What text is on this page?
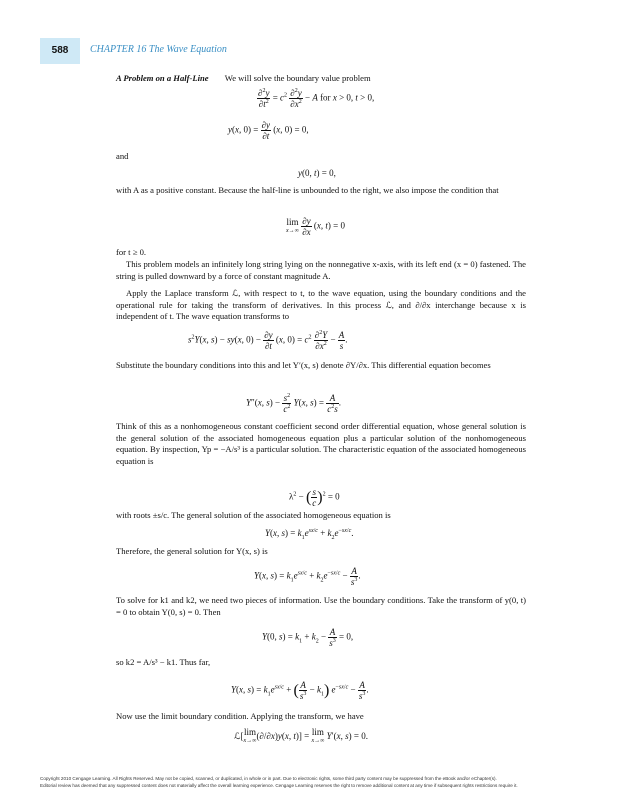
588	CHAPTER 16 The Wave Equation
A Problem on a Half-Line We will solve the boundary value problem
$\frac{\partial^2y}{\partial t^2} = c^2 \frac{\partial^2y}{\partial x^2} - A$ for x > 0, t > 0,
y(x, $0) = \frac{\partial y}{\partial t} (x$, 0) = 0,
and
y(0, t) = 0,
with A as a positive constant. Because the half-line is unbounded to the right, we also impose the condition that
lim
x→∞
$\frac{\partial y}{\partial x} (x$, t) = 0
for t ≥ 0.
This problem models an infinitely long string lying on the nonnegative x-axis, with its left end (x = 0) fastened. The string is pulled downward by a force of constant magnitude A.
Apply the Laplace transform ℒ, with respect to t, to the wave equation, using the boundary conditions and the operational rule for taking the transform of derivatives. In this process ℒ, and ∂/∂x interchange because x is independent of t. The wave equation transforms to
$s^2Y(x$, s) − sy(x, $0) - \frac{\partial y}{\partial t} (x$, $0) = c^2 \frac{\partial^2Y}{\partial x^2} - \frac{A}{s}$ .
Substitute the boundary conditions into this and let Y′(x, s) denote ∂Y/∂x. This differential equation becomes
Y″(x, $s) - \frac{s^2}{c^2} Y(x$, $s) = \frac{A}{c^2s}$ .
Think of this as a nonhomogeneous constant coefficient second order differential equation, whose general solution is the general solution of the associated homogeneous equation plus a particular solution of the nonhomogeneous equation. By inspection, Yp = −A/s³ is a particular solution. The characteristic equation of the associated homogeneous equation is
$\lambda^2$ − ( $\frac{s}{c} )^2 = 0$
with roots ±s/c. The general solution of the associated homogeneous equation is
Y(x, $s) = k_1e^{sx/c} + k_2e^{-sx/c}$.
Therefore, the general solution for Y(x, s) is
Y(x, $s) = k_1e^{sx/c} + k_2e^{-sx/c} - \frac{A}{s^3}$ .
To solve for k1 and k2, we need two pieces of information. Use the boundary conditions. Take the transform of y(0, t) = 0 to obtain Y(0, s) = 0. Then
Y(0, $s) = k_1 + k_2 - \frac{A}{s^3} = 0$,
so k2 = A/s³ − k1. Thus far,
Y(x, $s) = k_1e^{sx/c}$ + ( $\frac{A}{s^3} - k_1$) $e^{-sx/c} - \frac{A}{s^3}$ .
Now use the limit boundary condition. Applying the transform, we have
ℒ[lim
x→∞ (∂/∂x)y(x, t)] = lim
x→∞ Y′(x, s) = 0.
Copyright 2010 Cengage Learning. All Rights Reserved. May not be copied, scanned, or duplicated, in whole or in part. Due to electronic rights, some third party content may be suppressed from the eBook and/or eChapter(s).
Editorial review has deemed that any suppressed content does not materially affect the overall learning experience. Cengage Learning reserves the right to remove additional content at any time if subsequent rights restrictions require it.
